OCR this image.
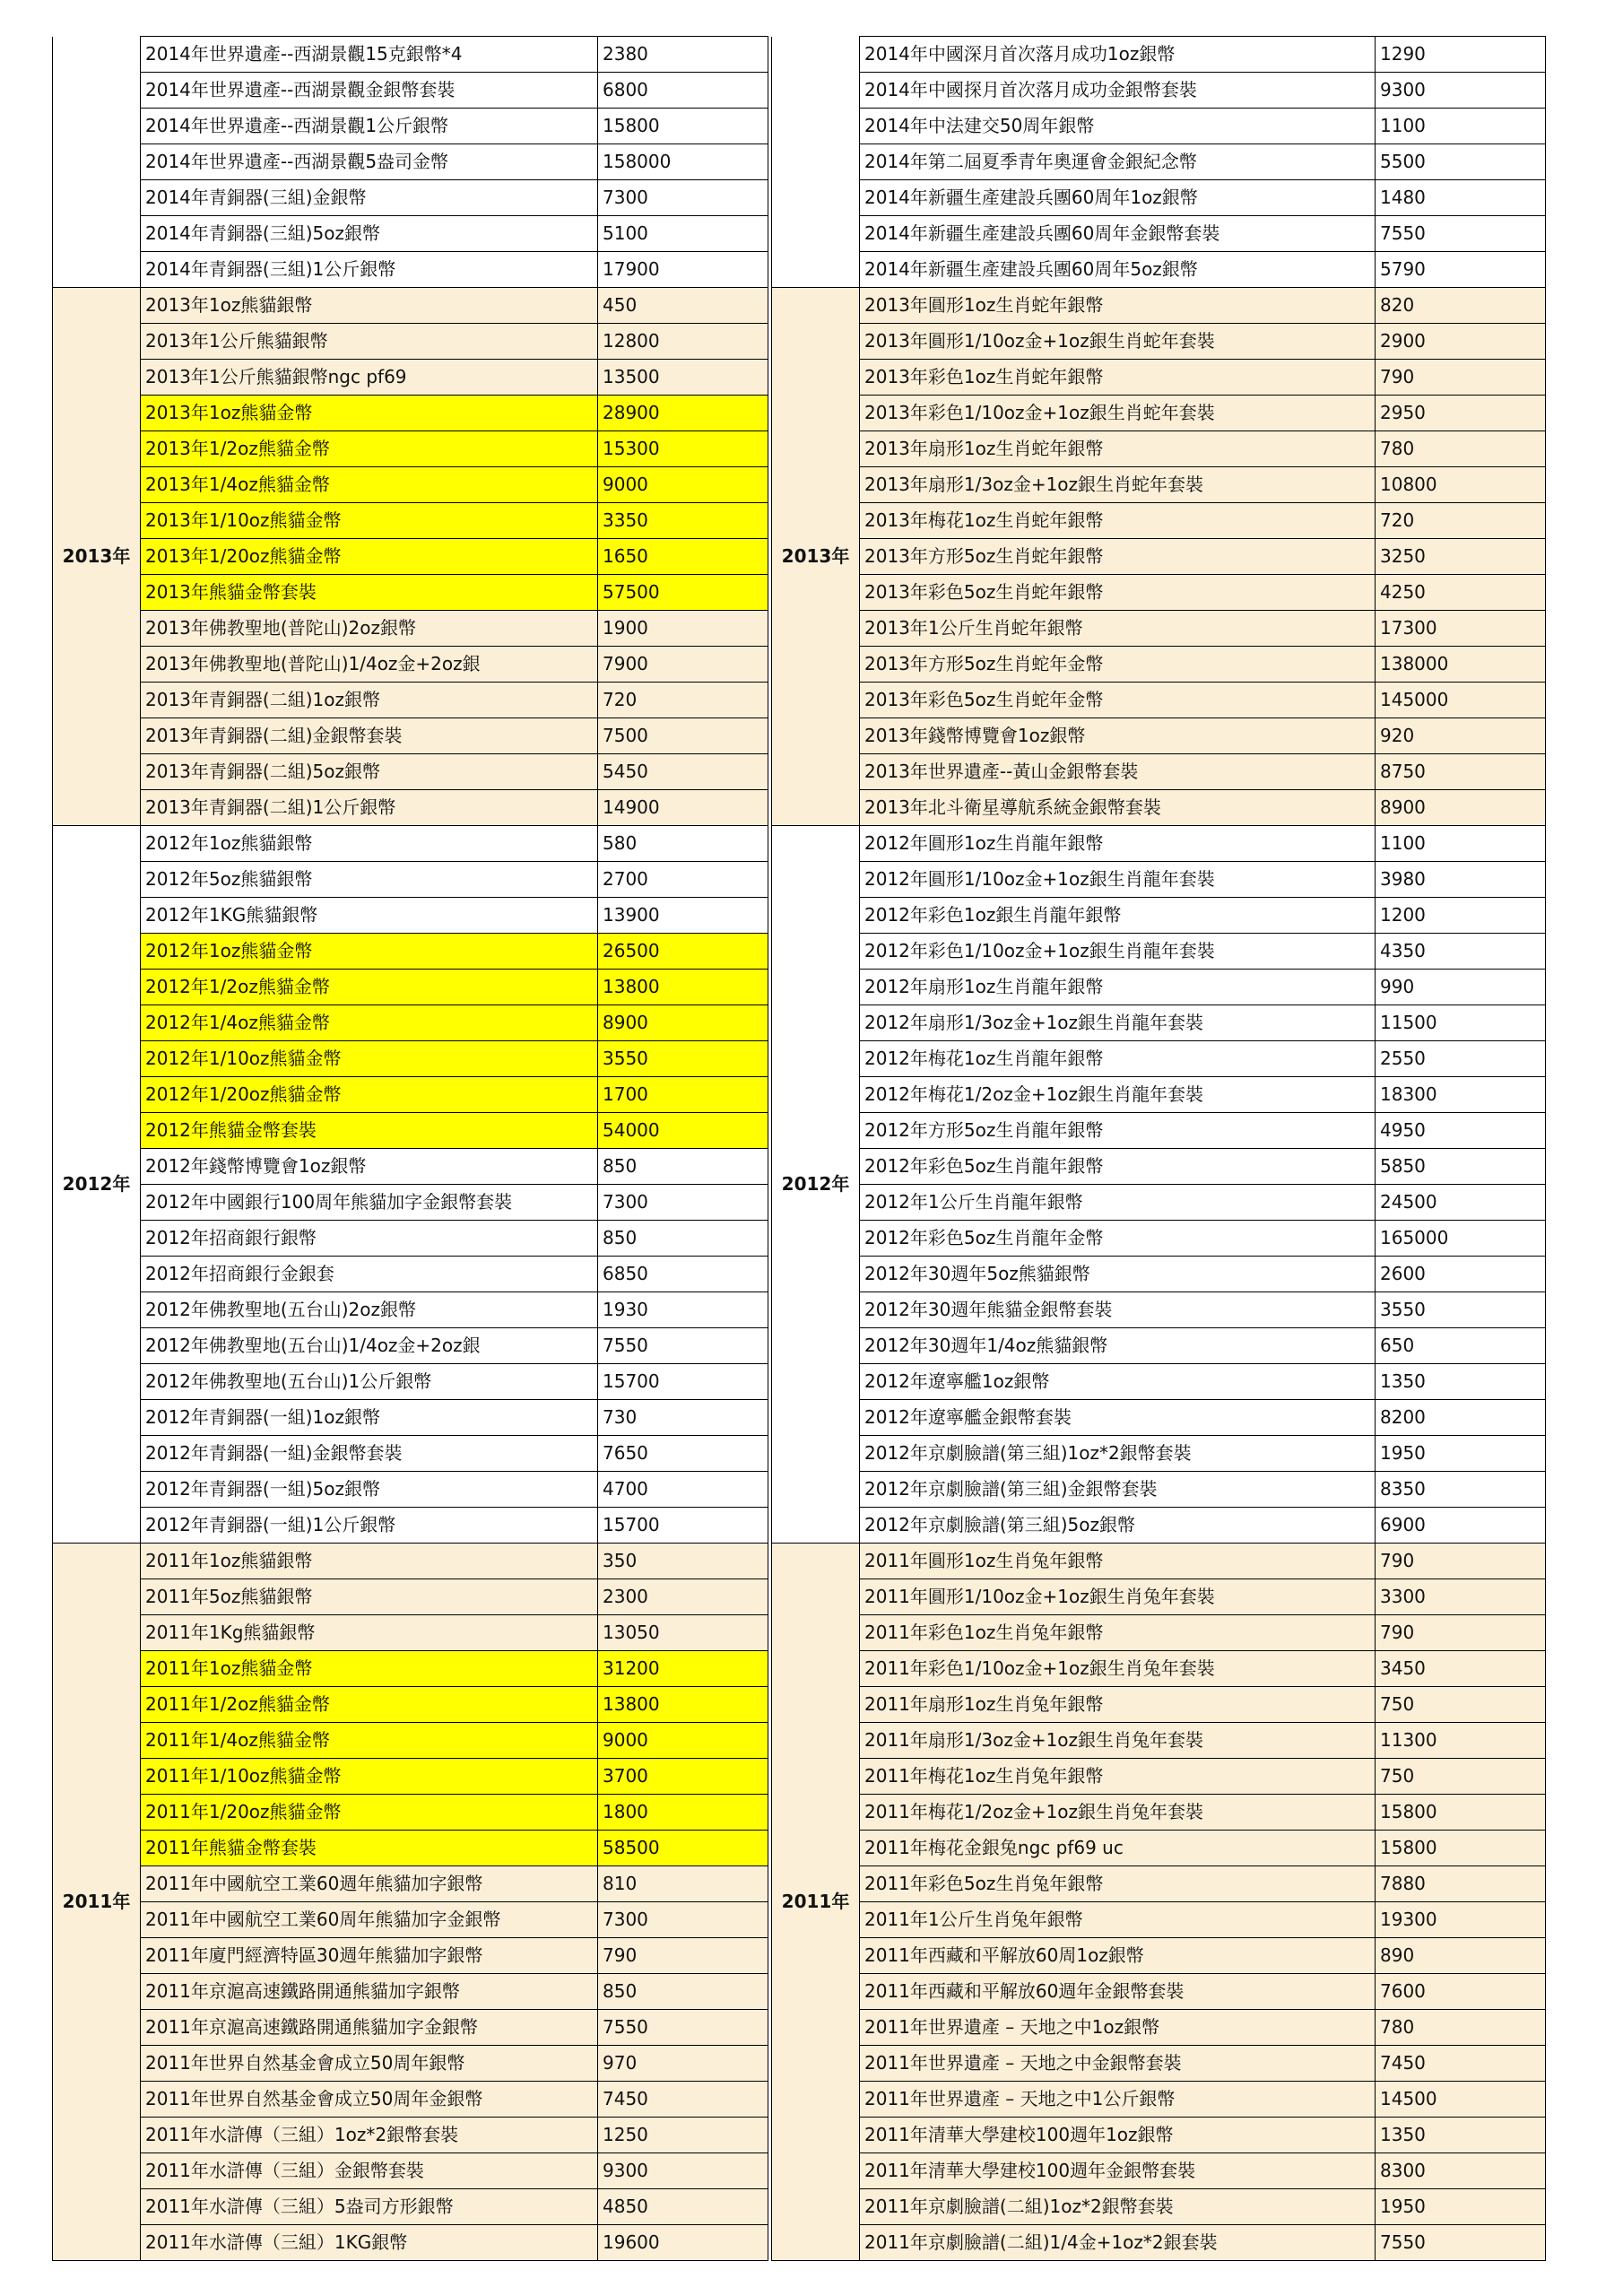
	2014年世界遺產--西湖景觀15克銀幣*4	2380
	2014年世界遺產--西湖景觀金銀幣套裝	6800
	2014年世界遺產--西湖景觀1公斤銀幣	15800
	2014年世界遺產--西湖景觀5盎司金幣	158000
	2014年青銅器(三組)金銀幣	7300
	2014年青銅器(三組)5oz銀幣	5100
	2014年青銅器(三組)1公斤銀幣	17900
2013年	2013年1oz熊貓銀幣	450
	2013年1公斤熊貓銀幣	12800
	2013年1公斤熊貓銀幣ngc pf69	13500
	2013年1oz熊貓金幣	28900
	2013年1/2oz熊貓金幣	15300
	2013年1/4oz熊貓金幣	9000
	2013年1/10oz熊貓金幣	3350
	2013年1/20oz熊貓金幣	1650
	2013年熊貓金幣套裝	57500
	2013年佛教聖地(普陀山)2oz銀幣	1900
	2013年佛教聖地(普陀山)1/4oz金+2oz銀	7900
	2013年青銅器(二組)1oz銀幣	720
	2013年青銅器(二組)金銀幣套裝	7500
	2013年青銅器(二組)5oz銀幣	5450
	2013年青銅器(二組)1公斤銀幣	14900
2012年	2012年1oz熊貓銀幣	580
	2012年5oz熊貓銀幣	2700
	2012年1KG熊貓銀幣	13900
	2012年1oz熊貓金幣	26500
	2012年1/2oz熊貓金幣	13800
	2012年1/4oz熊貓金幣	8900
	2012年1/10oz熊貓金幣	3550
	2012年1/20oz熊貓金幣	1700
	2012年熊貓金幣套裝	54000
	2012年錢幣博覽會1oz銀幣	850
	2012年中國銀行100周年熊貓加字金銀幣套裝	7300
	2012年招商銀行銀幣	850
	2012年招商銀行金銀套	6850
	2012年佛教聖地(五台山)2oz銀幣	1930
	2012年佛教聖地(五台山)1/4oz金+2oz銀	7550
	2012年佛教聖地(五台山)1公斤銀幣	15700
	2012年青銅器(一組)1oz銀幣	730
	2012年青銅器(一組)金銀幣套裝	7650
	2012年青銅器(一組)5oz銀幣	4700
	2012年青銅器(一組)1公斤銀幣	15700
2011年	2011年1oz熊貓銀幣	350
	2011年5oz熊貓銀幣	2300
	2011年1Kg熊貓銀幣	13050
	2011年1oz熊貓金幣	31200
	2011年1/2oz熊貓金幣	13800
	2011年1/4oz熊貓金幣	9000
	2011年1/10oz熊貓金幣	3700
	2011年1/20oz熊貓金幣	1800
	2011年熊貓金幣套裝	58500
	2011年中國航空工業60週年熊貓加字銀幣	810
	2011年中國航空工業60周年熊貓加字金銀幣	7300
	2011年廈門經濟特區30週年熊貓加字銀幣	790
	2011年京滬高速鐵路開通熊貓加字銀幣	850
	2011年京滬高速鐵路開通熊貓加字金銀幣	7550
	2011年世界自然基金會成立50周年銀幣	970
	2011年世界自然基金會成立50周年金銀幣	7450
	2011年水滸傳（三組）1oz*2銀幣套裝	1250
	2011年水滸傳（三組）金銀幣套裝	9300
	2011年水滸傳（三組）5盎司方形銀幣	4850
	2011年水滸傳（三組）1KG銀幣	19600
	2014年中國深月首次落月成功1oz銀幣	1290
	2014年中國探月首次落月成功金銀幣套裝	9300
	2014年中法建交50周年銀幣	1100
	2014年第二屆夏季青年奧運會金銀紀念幣	5500
	2014年新疆生產建設兵團60周年1oz銀幣	1480
	2014年新疆生產建設兵團60周年金銀幣套裝	7550
	2014年新疆生產建設兵團60周年5oz銀幣	5790
2013年	2013年圓形1oz生肖蛇年銀幣	820
	2013年圓形1/10oz金+1oz銀生肖蛇年套裝	2900
	2013年彩色1oz生肖蛇年銀幣	790
	2013年彩色1/10oz金+1oz銀生肖蛇年套裝	2950
	2013年扇形1oz生肖蛇年銀幣	780
	2013年扇形1/3oz金+1oz銀生肖蛇年套裝	10800
	2013年梅花1oz生肖蛇年銀幣	720
	2013年方形5oz生肖蛇年銀幣	3250
	2013年彩色5oz生肖蛇年銀幣	4250
	2013年1公斤生肖蛇年銀幣	17300
	2013年方形5oz生肖蛇年金幣	138000
	2013年彩色5oz生肖蛇年金幣	145000
	2013年錢幣博覽會1oz銀幣	920
	2013年世界遺產--黃山金銀幣套裝	8750
	2013年北斗衛星導航系統金銀幣套裝	8900
2012年	2012年圓形1oz生肖龍年銀幣	1100
	2012年圓形1/10oz金+1oz銀生肖龍年套裝	3980
	2012年彩色1oz銀生肖龍年銀幣	1200
	2012年彩色1/10oz金+1oz銀生肖龍年套裝	4350
	2012年扇形1oz生肖龍年銀幣	990
	2012年扇形1/3oz金+1oz銀生肖龍年套裝	11500
	2012年梅花1oz生肖龍年銀幣	2550
	2012年梅花1/2oz金+1oz銀生肖龍年套裝	18300
	2012年方形5oz生肖龍年銀幣	4950
	2012年彩色5oz生肖龍年銀幣	5850
	2012年1公斤生肖龍年銀幣	24500
	2012年彩色5oz生肖龍年金幣	165000
	2012年30週年5oz熊貓銀幣	2600
	2012年30週年熊貓金銀幣套裝	3550
	2012年30週年1/4oz熊貓銀幣	650
	2012年遼寧艦1oz銀幣	1350
	2012年遼寧艦金銀幣套裝	8200
	2012年京劇臉譜(第三組)1oz*2銀幣套裝	1950
	2012年京劇臉譜(第三組)金銀幣套裝	8350
	2012年京劇臉譜(第三組)5oz銀幣	6900
2011年	2011年圓形1oz生肖兔年銀幣	790
	2011年圓形1/10oz金+1oz銀生肖兔年套裝	3300
	2011年彩色1oz生肖兔年銀幣	790
	2011年彩色1/10oz金+1oz銀生肖兔年套裝	3450
	2011年扇形1oz生肖兔年銀幣	750
	2011年扇形1/3oz金+1oz銀生肖兔年套裝	11300
	2011年梅花1oz生肖兔年銀幣	750
	2011年梅花1/2oz金+1oz銀生肖兔年套裝	15800
	2011年梅花金銀兔ngc pf69 uc	15800
	2011年彩色5oz生肖兔年銀幣	7880
	2011年1公斤生肖兔年銀幣	19300
	2011年西藏和平解放60周1oz銀幣	890
	2011年西藏和平解放60週年金銀幣套裝	7600
	2011年世界遺產 – 天地之中1oz銀幣	780
	2011年世界遺產 – 天地之中金銀幣套裝	7450
	2011年世界遺產 – 天地之中1公斤銀幣	14500
	2011年清華大學建校100週年1oz銀幣	1350
	2011年清華大學建校100週年金銀幣套裝	8300
	2011年京劇臉譜(二組)1oz*2銀幣套裝	1950
	2011年京劇臉譜(二組)1/4金+1oz*2銀套裝	7550
